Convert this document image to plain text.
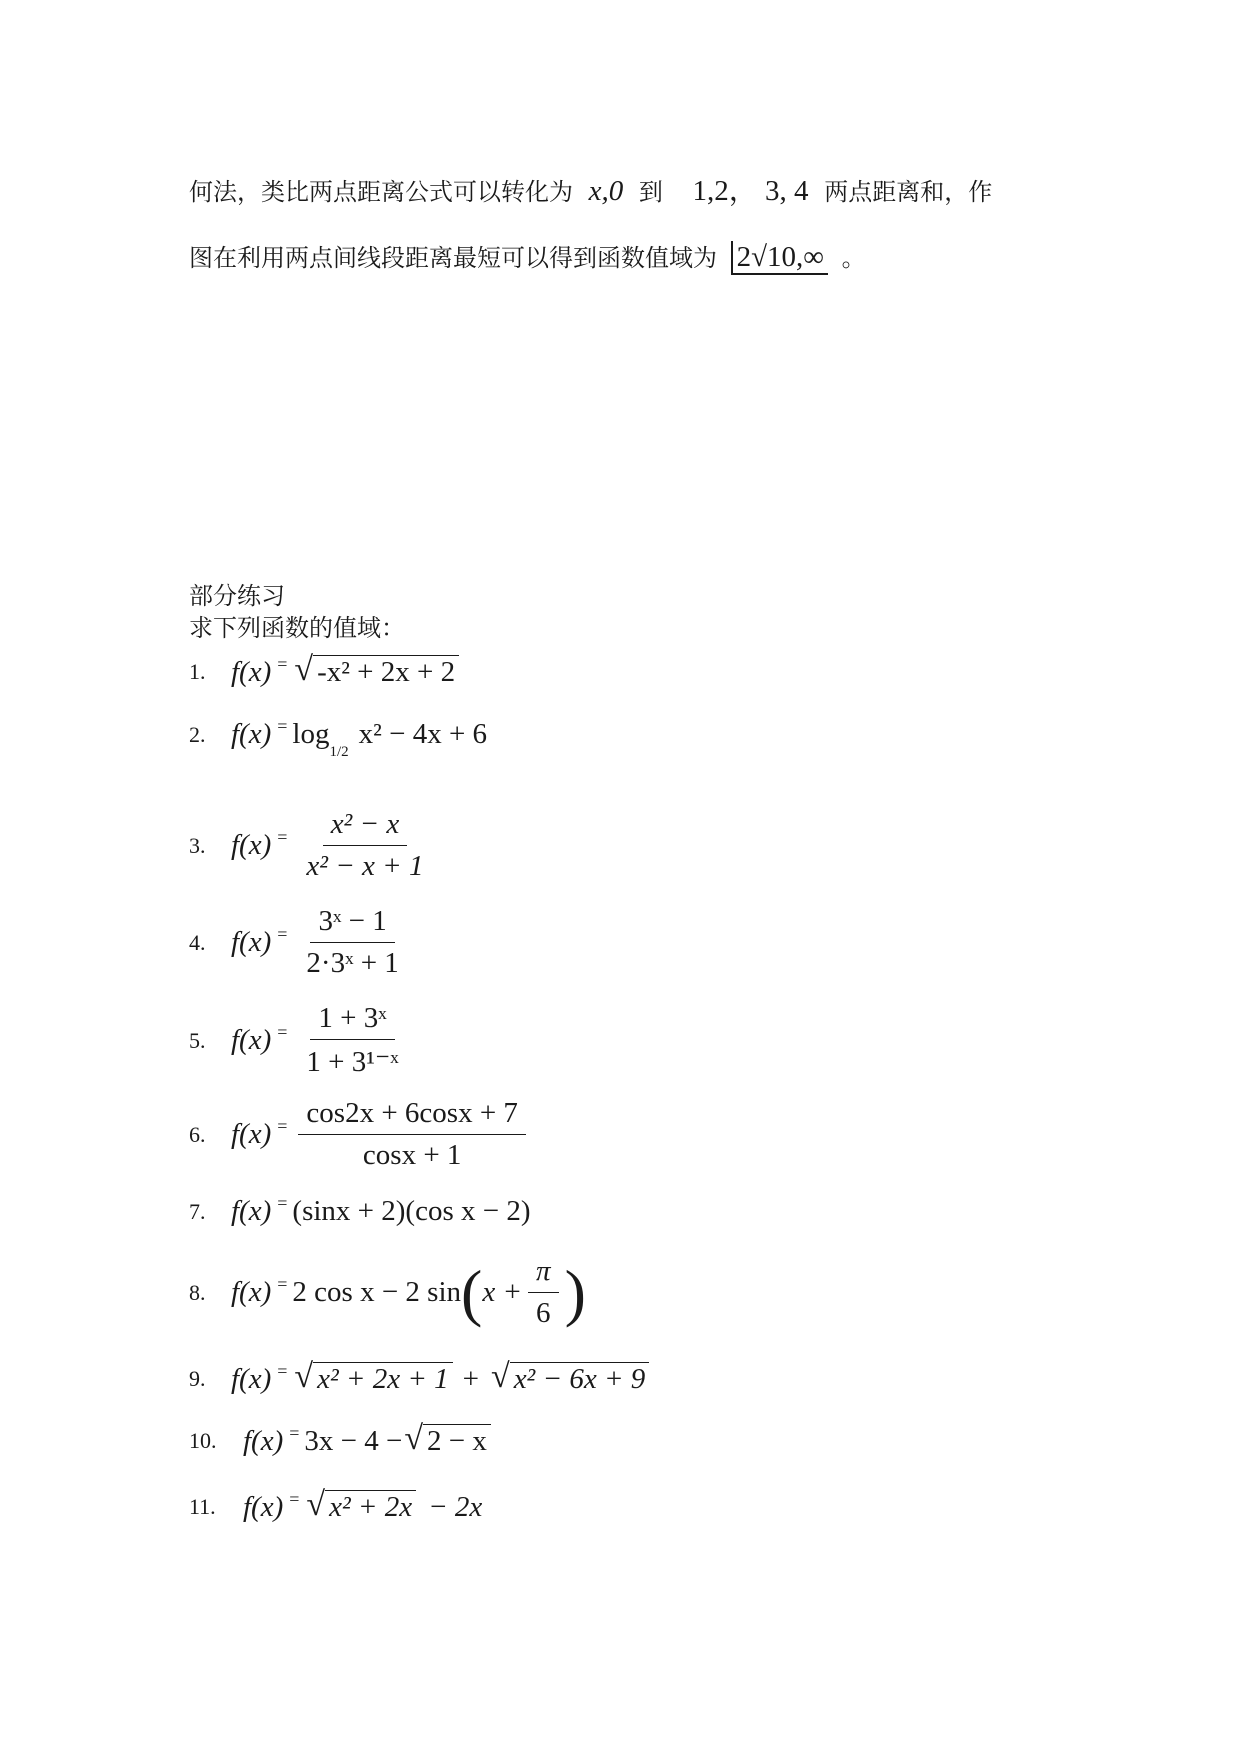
何法，类比两点距离公式可以转化为 x,0 到 1,2， 3, 4 两点距离和，作
图在利用两点间线段距离最短可以得到函数值域为 2√10,∞ 。
部分练习
求下列函数的值域：
1. f(x) = √ -x² + 2x + 2
2. f(x) = log
1/2
x² − 4x + 6
3. $f(x) = \frac{\text{x² − x}}{\text{x² − x + 1}}$
4. $f(x) = \frac{\text{3ˣ − 1}}{\text{2·3ˣ + 1}}$
5. $f(x) = \frac{\text{1 + 3ˣ}}{\text{1 + 3¹⁻ˣ}}$
6. $f(x) = \frac{\cos 2x + 6\cos x + 7}{\cos x + 1}$
7. f(x) = (sinx + 2)(cos x − 2)
8. f(x) = 2 cos x − 2 sin ( $x + \frac{\pi}{6}$ )
9. f(x) = √ x² + 2x + 1 + √ x² − 6x + 9
10. f(x) = 3x − 4 − √ 2 − x
11. f(x) = √ x² + 2x − 2x
